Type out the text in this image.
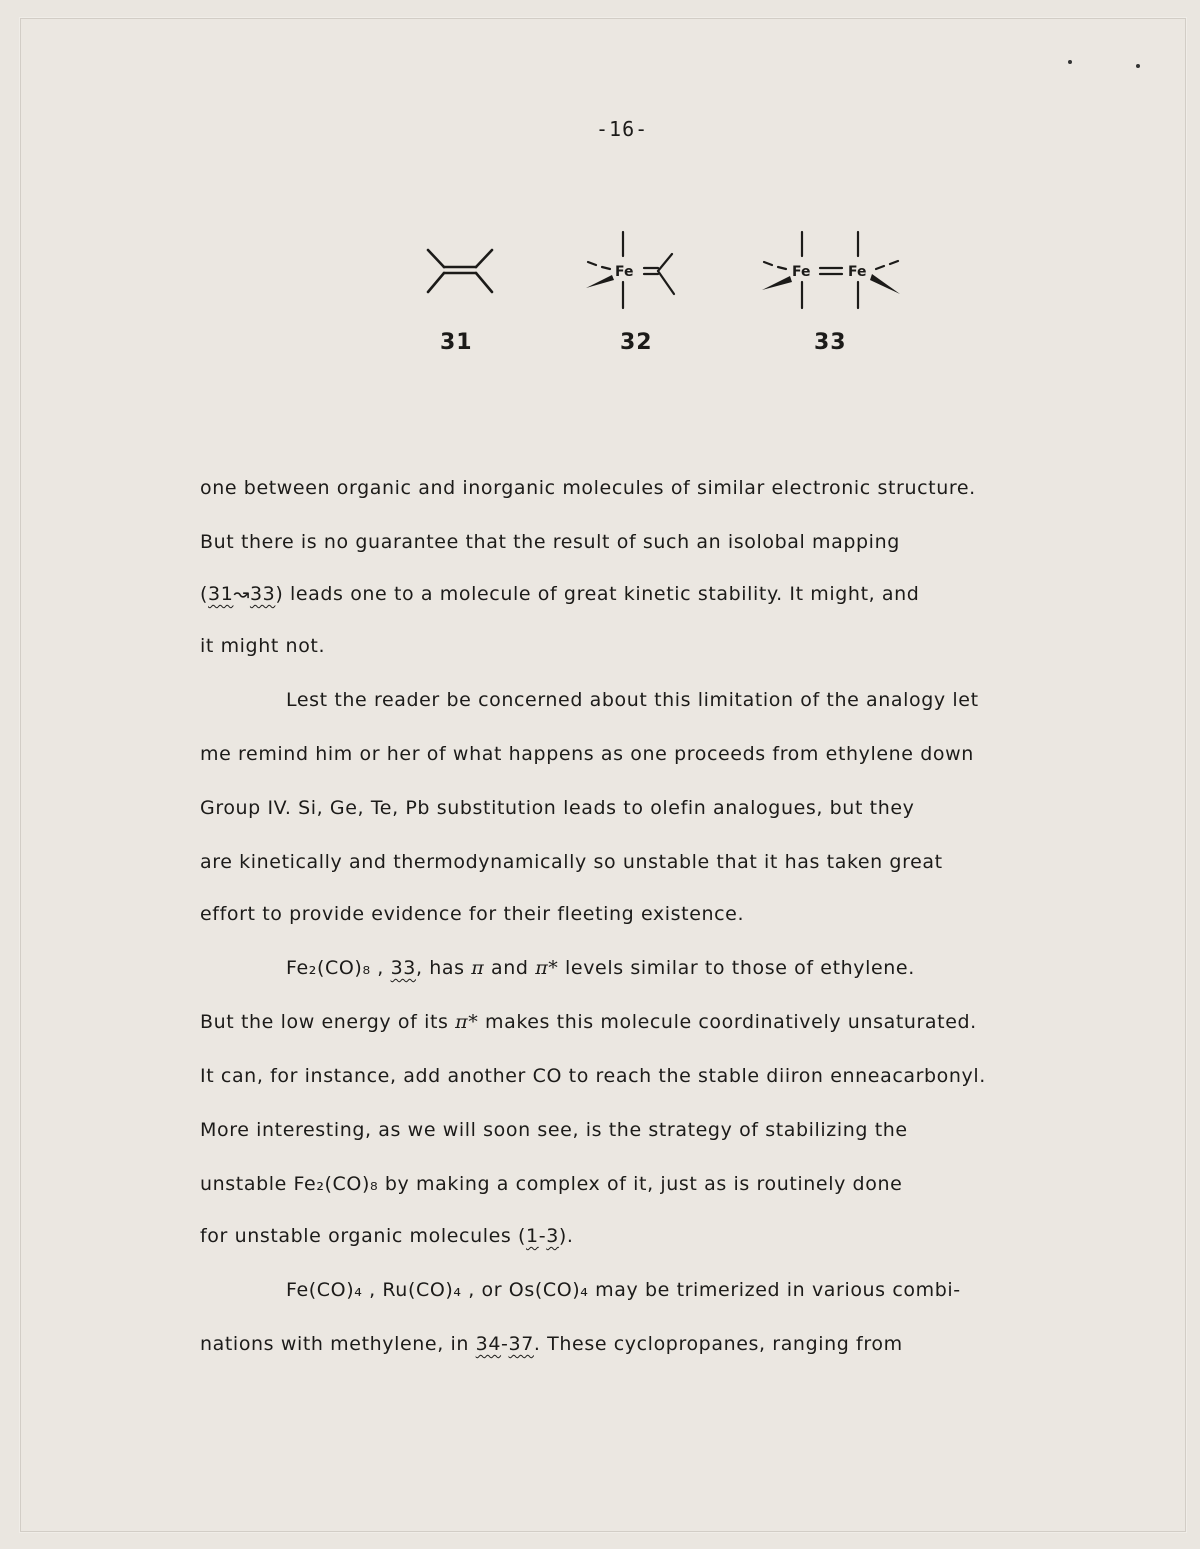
-16-
31
Fe
32
Fe	Fe
33
one between organic and inorganic molecules of similar electronic structure.
But there is no guarantee that the result of such an isolobal mapping
(31↝33) leads one to a molecule of great kinetic stability. It might, and
it might not.
Lest the reader be concerned about this limitation of the analogy let
me remind him or her of what happens as one proceeds from ethylene down
Group IV. Si, Ge, Te, Pb substitution leads to olefin analogues, but they
are kinetically and thermodynamically so unstable that it has taken great
effort to provide evidence for their fleeting existence.
Fe₂(CO)₈ , 33, has π and π* levels similar to those of ethylene.
But the low energy of its π* makes this molecule coordinatively unsaturated.
It can, for instance, add another CO to reach the stable diiron enneacarbonyl.
More interesting, as we will soon see, is the strategy of stabilizing the
unstable Fe₂(CO)₈ by making a complex of it, just as is routinely done
for unstable organic molecules (1-3).
Fe(CO)₄ , Ru(CO)₄ , or Os(CO)₄ may be trimerized in various combi-
nations with methylene, in 34-37. These cyclopropanes, ranging from
